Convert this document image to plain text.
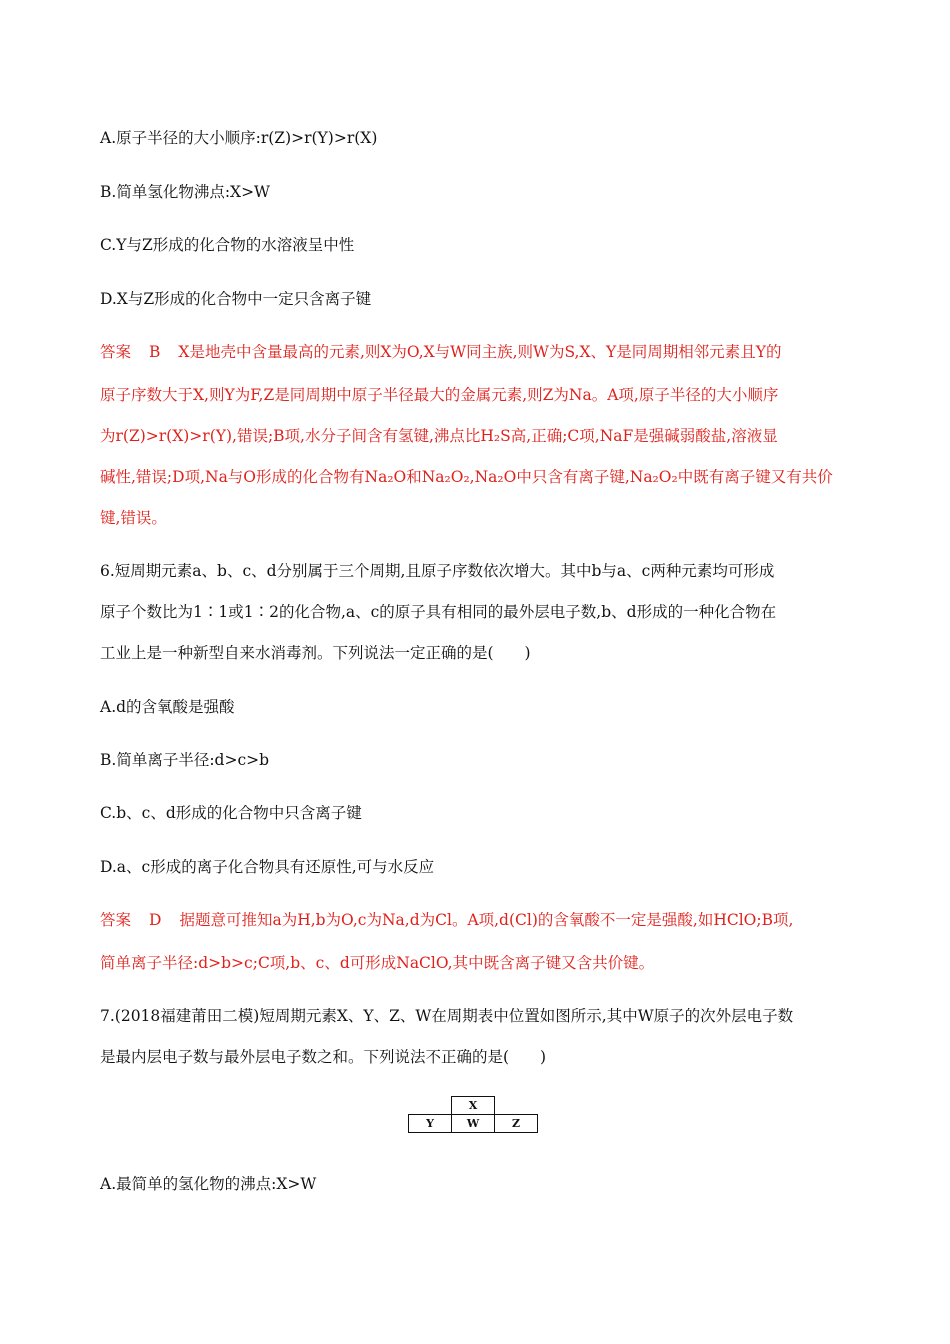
A.原子半径的大小顺序:r(Z)>r(Y)>r(X)
B.简单氢化物沸点:X>W
C.Y与Z形成的化合物的水溶液呈中性
D.X与Z形成的化合物中一定只含离子键
答案 B X是地壳中含量最高的元素,则X为O,X与W同主族,则W为S,X、Y是同周期相邻元素且Y的
原子序数大于X,则Y为F,Z是同周期中原子半径最大的金属元素,则Z为Na。A项,原子半径的大小顺序
为r(Z)>r(X)>r(Y),错误;B项,水分子间含有氢键,沸点比H₂S高,正确;C项,NaF是强碱弱酸盐,溶液显
碱性,错误;D项,Na与O形成的化合物有Na₂O和Na₂O₂,Na₂O中只含有离子键,Na₂O₂中既有离子键又有共价
键,错误。
6.短周期元素a、b、c、d分别属于三个周期,且原子序数依次增大。其中b与a、c两种元素均可形成
原子个数比为1∶1或1∶2的化合物,a、c的原子具有相同的最外层电子数,b、d形成的一种化合物在
工业上是一种新型自来水消毒剂。下列说法一定正确的是(　　)
A.d的含氧酸是强酸
B.简单离子半径:d>c>b
C.b、c、d形成的化合物中只含离子键
D.a、c形成的离子化合物具有还原性,可与水反应
答案 D 据题意可推知a为H,b为O,c为Na,d为Cl。A项,d(Cl)的含氧酸不一定是强酸,如HClO;B项,
简单离子半径:d>b>c;C项,b、c、d可形成NaClO,其中既含离子键又含共价键。
7.(2018福建莆田二模)短周期元素X、Y、Z、W在周期表中位置如图所示,其中W原子的次外层电子数
是最内层电子数与最外层电子数之和。下列说法不正确的是(　　)
	X	
Y	W	Z
A.最简单的氢化物的沸点:X>W
